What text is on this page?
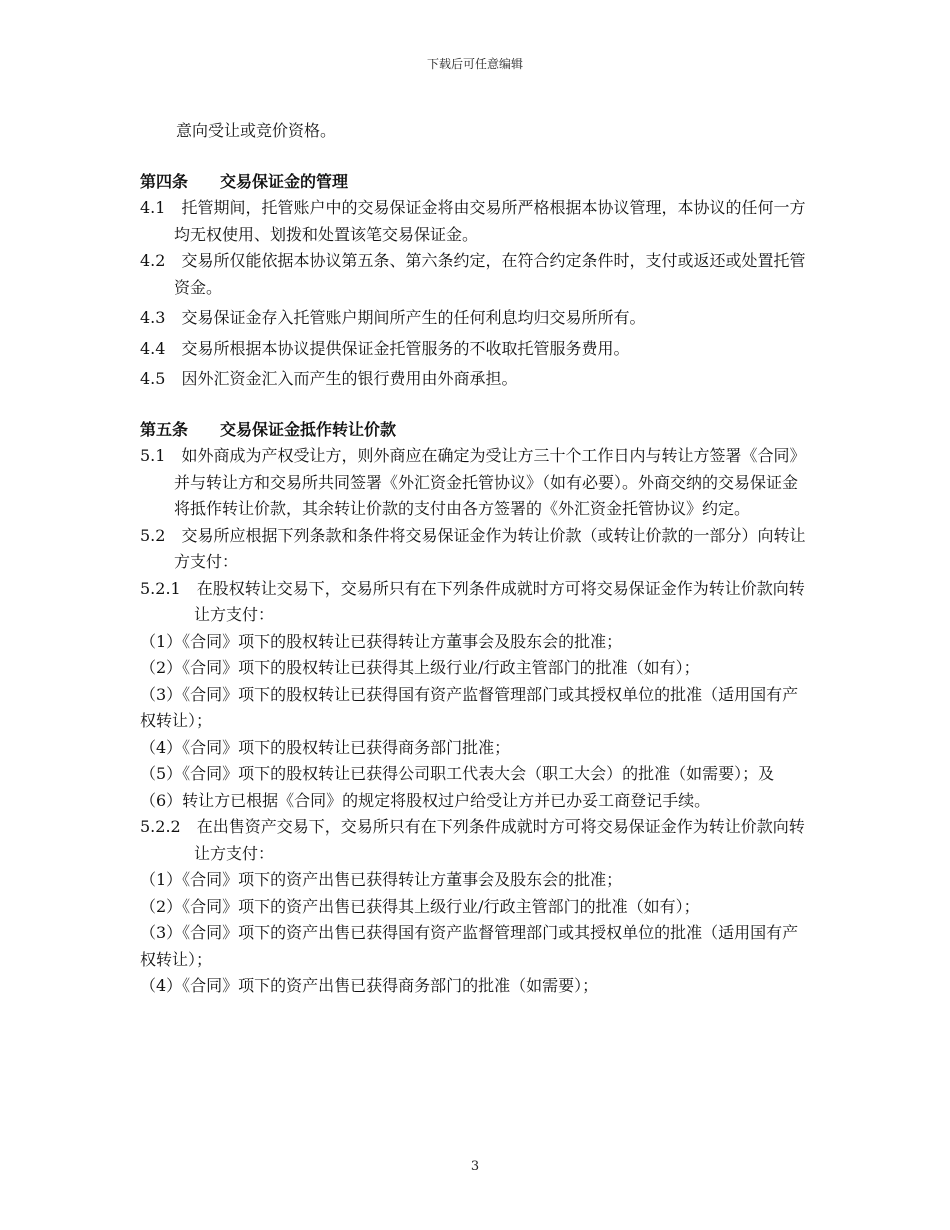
下载后可任意编辑

意向受让或竞价资格。

第四条　　交易保证金的管理

4.1　托管期间，托管账户中的交易保证金将由交易所严格根据本协议管理，本协议的任何一方均无权使用、划拨和处置该笔交易保证金。

4.2　交易所仅能依据本协议第五条、第六条约定，在符合约定条件时，支付或返还或处置托管资金。

4.3　交易保证金存入托管账户期间所产生的任何利息均归交易所所有。

4.4　交易所根据本协议提供保证金托管服务的不收取托管服务费用。

4.5　因外汇资金汇入而产生的银行费用由外商承担。

第五条　　交易保证金抵作转让价款

5.1　如外商成为产权受让方，则外商应在确定为受让方三十个工作日内与转让方签署《合同》并与转让方和交易所共同签署《外汇资金托管协议》（如有必要）。外商交纳的交易保证金将抵作转让价款，其余转让价款的支付由各方签署的《外汇资金托管协议》约定。

5.2　交易所应根据下列条款和条件将交易保证金作为转让价款（或转让价款的一部分）向转让方支付：

5.2.1　在股权转让交易下，交易所只有在下列条件成就时方可将交易保证金作为转让价款向转让方支付：

（1）《合同》项下的股权转让已获得转让方董事会及股东会的批准；

（2）《合同》项下的股权转让已获得其上级行业/行政主管部门的批准（如有）；

（3）《合同》项下的股权转让已获得国有资产监督管理部门或其授权单位的批准（适用国有产权转让）；

（4）《合同》项下的股权转让已获得商务部门批准；

（5）《合同》项下的股权转让已获得公司职工代表大会（职工大会）的批准（如需要）；及

（6）转让方已根据《合同》的规定将股权过户给受让方并已办妥工商登记手续。

5.2.2　在出售资产交易下，交易所只有在下列条件成就时方可将交易保证金作为转让价款向转让方支付：

（1）《合同》项下的资产出售已获得转让方董事会及股东会的批准；

（2）《合同》项下的资产出售已获得其上级行业/行政主管部门的批准（如有）；

（3）《合同》项下的资产出售已获得国有资产监督管理部门或其授权单位的批准（适用国有产权转让）；

（4）《合同》项下的资产出售已获得商务部门的批准（如需要）；

3
